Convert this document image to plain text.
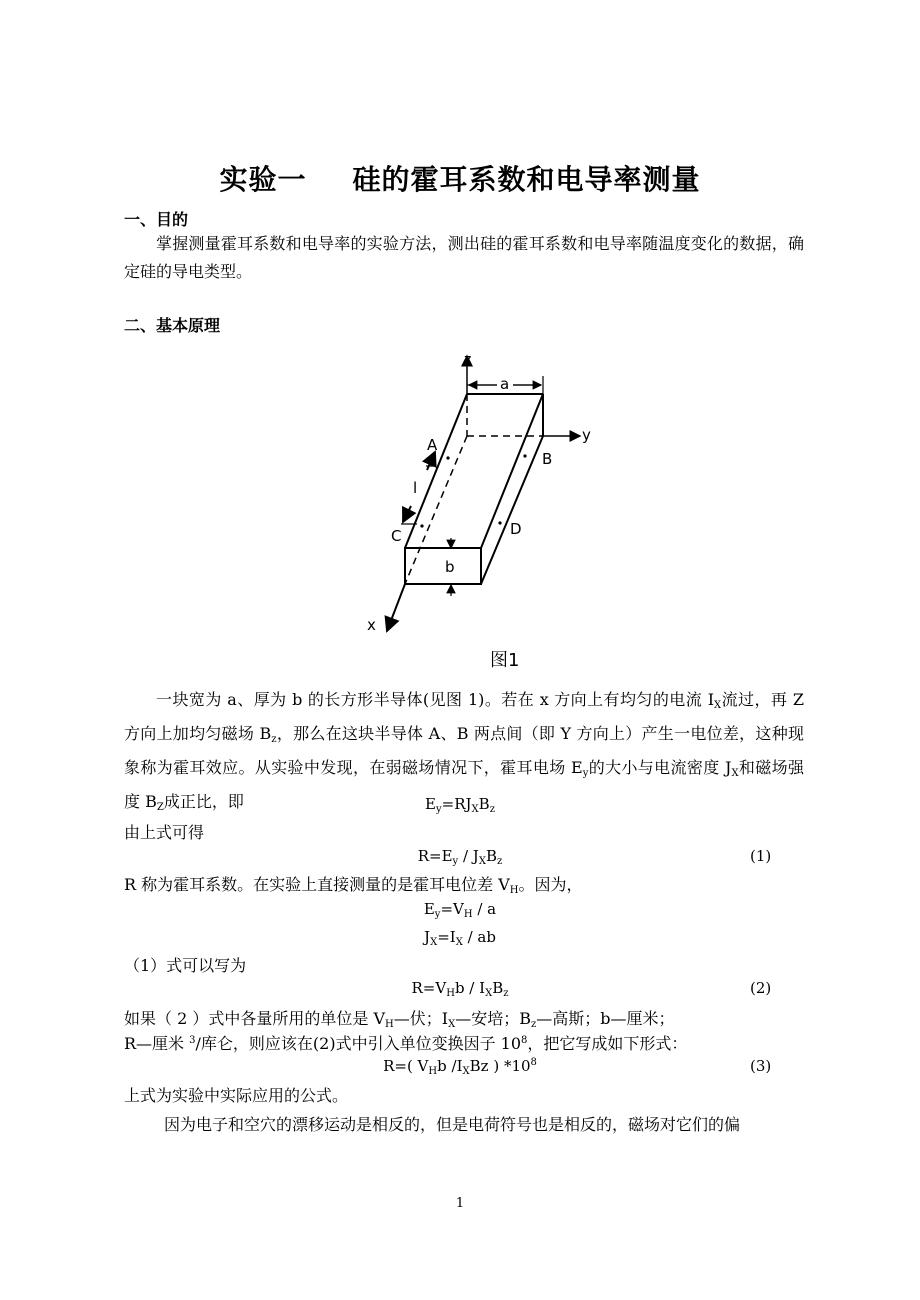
实验一 硅的霍耳系数和电导率测量
一、目的
掌握测量霍耳系数和电导率的实验方法，测出硅的霍耳系数和电导率随温度变化的数据，确定硅的导电类型。
二、基本原理
z
y
a
b
A
B
C	D
l
x
图1
一块宽为 a、厚为 b 的长方形半导体(见图 1)。若在 x 方向上有均匀的电流 $I_X$流过，再 Z 方向上加均匀磁场 $B_z$，那么在这块半导体 A、B 两点间（即 Y 方向上）产生一电位差，这种现象称为霍耳效应。从实验中发现，在弱磁场情况下，霍耳电场 $E_y$的大小与电流密度 $J_X$和磁场强度 $B_Z$成正比，即	$E_y=RJ_XB_z$
由上式可得
$R=E_y / J_XB_z$	(1)
R 称为霍耳系数。在实验上直接测量的是霍耳电位差 $V_H$。因为，
$E_y=V_H / a$
$J_X=I_X$ / ab
（1）式可以写为
$R=V_Hb / I_XB_z$	(2)
如果（ 2 ）式中各量所用的单位是 $V_H—$伏；$I_X—$安培；$B_z—$高斯；b—厘米；
R—厘米 $^3$/库仑，则应该在(2)式中引入单位变换因子 $10^8$，把它写成如下形式：
R=( $V_Hb$ $/I_XBz$ ) $*10^8$	(3)
上式为实验中实际应用的公式。
因为电子和空穴的漂移运动是相反的，但是电荷符号也是相反的，磁场对它们的偏
1
